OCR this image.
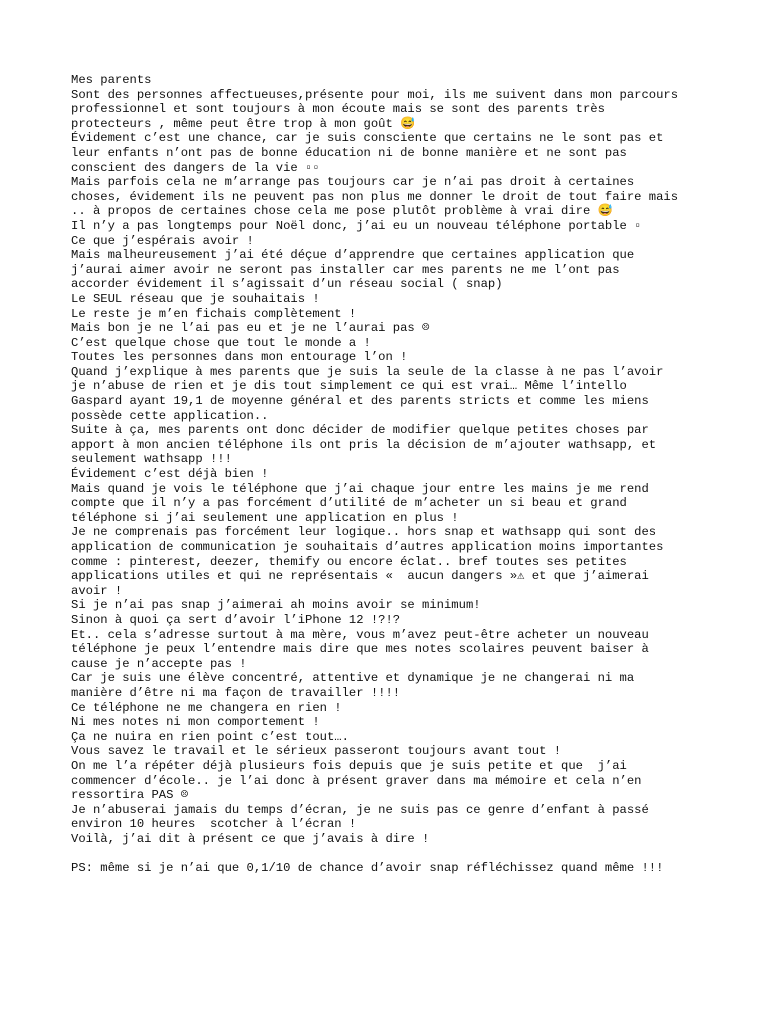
Mes parents
Sont des personnes affectueuses,présente pour moi, ils me suivent dans mon parcours
professionnel et sont toujours à mon écoute mais se sont des parents très
protecteurs , même peut être trop à mon goût 😅
Évidement c’est une chance, car je suis consciente que certains ne le sont pas et
leur enfants n’ont pas de bonne éducation ni de bonne manière et ne sont pas
conscient des dangers de la vie ▫▫
Mais parfois cela ne m’arrange pas toujours car je n’ai pas droit à certaines
choses, évidement ils ne peuvent pas non plus me donner le droit de tout faire mais
.. à propos de certaines chose cela me pose plutôt problème à vrai dire 😅
Il n’y a pas longtemps pour Noël donc, j’ai eu un nouveau téléphone portable ▫
Ce que j’espérais avoir !
Mais malheureusement j’ai été déçue d’apprendre que certaines application que
j’aurai aimer avoir ne seront pas installer car mes parents ne me l’ont pas
accorder évidement il s’agissait d’un réseau social ( snap)
Le SEUL réseau que je souhaitais !
Le reste je m’en fichais complètement !
Mais bon je ne l’ai pas eu et je ne l’aurai pas ☹
C’est quelque chose que tout le monde a !
Toutes les personnes dans mon entourage l’on !
Quand j’explique à mes parents que je suis la seule de la classe à ne pas l’avoir
je n’abuse de rien et je dis tout simplement ce qui est vrai… Même l’intello
Gaspard ayant 19,1 de moyenne général et des parents stricts et comme les miens
possède cette application..
Suite à ça, mes parents ont donc décider de modifier quelque petites choses par
apport à mon ancien téléphone ils ont pris la décision de m’ajouter wathsapp, et
seulement wathsapp !!!
Évidement c’est déjà bien !
Mais quand je vois le téléphone que j’ai chaque jour entre les mains je me rend
compte que il n’y a pas forcément d’utilité de m’acheter un si beau et grand
téléphone si j’ai seulement une application en plus !
Je ne comprenais pas forcément leur logique.. hors snap et wathsapp qui sont des
application de communication je souhaitais d’autres application moins importantes
comme : pinterest, deezer, themify ou encore éclat.. bref toutes ses petites
applications utiles et qui ne représentais «  aucun dangers »⚠ et que j’aimerai
avoir !
Si je n’ai pas snap j’aimerai ah moins avoir se minimum!
Sinon à quoi ça sert d’avoir l’iPhone 12 !?!?
Et.. cela s’adresse surtout à ma mère, vous m’avez peut-être acheter un nouveau
téléphone je peux l’entendre mais dire que mes notes scolaires peuvent baiser à
cause je n’accepte pas !
Car je suis une élève concentré, attentive et dynamique je ne changerai ni ma
manière d’être ni ma façon de travailler !!!!
Ce téléphone ne me changera en rien !
Ni mes notes ni mon comportement !
Ça ne nuira en rien point c’est tout….
Vous savez le travail et le sérieux passeront toujours avant tout !
On me l’a répéter déjà plusieurs fois depuis que je suis petite et que  j’ai
commencer d’école.. je l’ai donc à présent graver dans ma mémoire et cela n’en
ressortira PAS ☹
Je n’abuserai jamais du temps d’écran, je ne suis pas ce genre d’enfant à passé
environ 10 heures  scotcher à l’écran !
Voilà, j’ai dit à présent ce que j’avais à dire !
PS: même si je n’ai que 0,1/10 de chance d’avoir snap réfléchissez quand même !!!
